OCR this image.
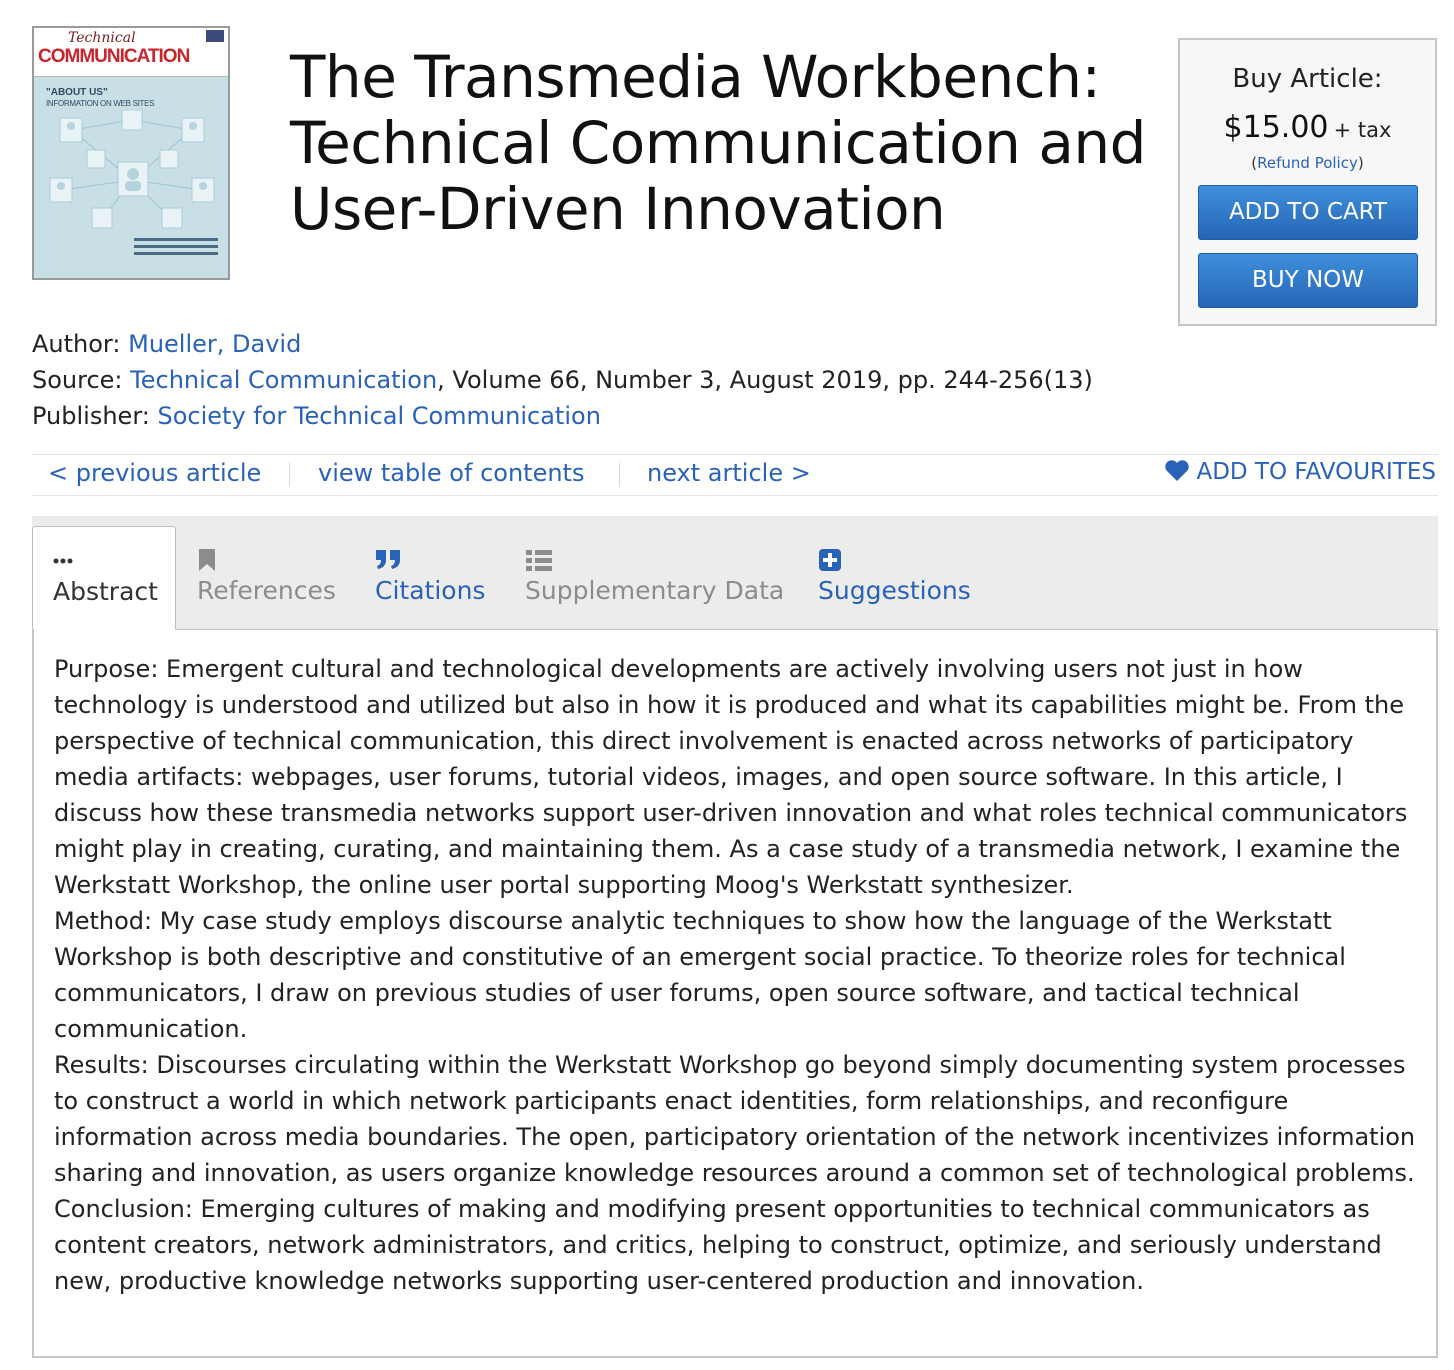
Technical
COMMUNICATION
"ABOUT US"
INFORMATION ON WEB SITES	The Transmedia Workbench:
Technical Communication and
User-Driven Innovation
Buy Article:
$15.00 + tax
(Refund Policy)
ADD TO CART
BUY NOW
Author: Mueller, David
Source: Technical Communication, Volume 66, Number 3, August 2019, pp. 244-256(13)
Publisher: Society for Technical Communication
< previous article view table of contents	next article >	ADD TO FAVOURITES
Abstract References Citations Supplementary Data Suggestions

Purpose: Emergent cultural and technological developments are actively involving users not just in how technology is understood and utilized but also in how it is produced and what its capabilities might be. From the perspective of technical communication, this direct involvement is enacted across networks of participatory media artifacts: webpages, user forums, tutorial videos, images, and open source software. In this article, I discuss how these transmedia networks support user-driven innovation and what roles technical communicators might play in creating, curating, and maintaining them. As a case study of a transmedia network, I examine the Werkstatt Workshop, the online user portal supporting Moog's Werkstatt synthesizer.

Method: My case study employs discourse analytic techniques to show how the language of the Werkstatt Workshop is both descriptive and constitutive of an emergent social practice. To theorize roles for technical communicators, I draw on previous studies of user forums, open source software, and tactical technical communication.

Results: Discourses circulating within the Werkstatt Workshop go beyond simply documenting system processes to construct a world in which network participants enact identities, form relationships, and reconfigure information across media boundaries. The open, participatory orientation of the network incentivizes information sharing and innovation, as users organize knowledge resources around a common set of technological problems.

Conclusion: Emerging cultures of making and modifying present opportunities to technical communicators as content creators, network administrators, and critics, helping to construct, optimize, and seriously understand new, productive knowledge networks supporting user-centered production and innovation.
